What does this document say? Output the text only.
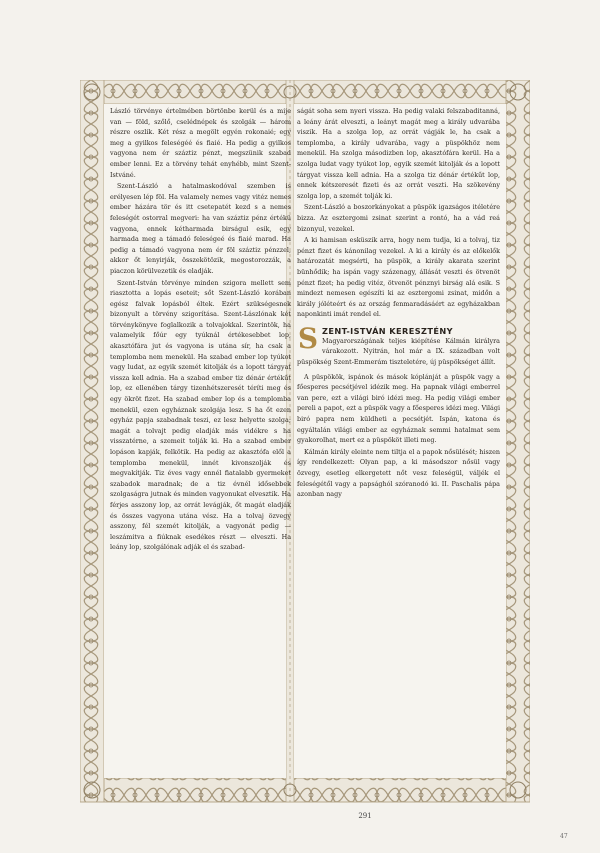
László törvénye értelmében börtönbe kerül és a mije van — föld, szőlő, cselédnépek és szolgák — három részre oszlik. Két rész a megölt egyén rokonaié; egy meg a gyilkos feleségéé és fiaié. Ha pedig a gyilkos vagyona nem ér száztiz pénzt, megszünik szabad ember lenni. Ez a törvény tehát enyhébb, mint Szent-Istváné.

Szent-László a hatalmaskodóval szemben is erélyesen lép föl. Ha valamely nemes vagy vitéz nemes ember házára tör és itt csetepatét kezd s a nemes feleségét ostorral megveri: ha van száztiz pénz értékü vagyona, ennek kétharmada birságul esik, egy harmada meg a támadó feleségeé és fiaié marad. Ha pedig a támadó vagyona nem ér föl száztiz pénzzel, akkor őt lenyirják, összekötözik, megostorozzák, a piaczon körülvezetik és eladják.

Szent-István törvénye minden szigora mellett sem riasztotta a lopás eseteit; sőt Szent-László korában egész falvak lopásból éltek. Ezért szükségesnek bizonyult a törvény szigorítása. Szent-Lászlónak két törvénykönyve foglalkozik a tolvajokkal. Szerintök, ha valamelyik főúr egy tyúknál értékesebbet lop, akasztófára jut és vagyona is utána sír, ha csak a templomba nem menekül. Ha szabad ember lop tyúkot vagy ludat, az egyik szemét kitolják és a lopott tárgyat vissza kell adnia. Ha a szabad ember tiz dénár értékűt lop, ez ellenében tárgy tizenhétszeresét téríti meg és egy ökröt fizet. Ha szabad ember lop és a templomba menekül, ezen egyháznak szolgája lesz. S ha őt ezen egyház papja szabadnak teszi, ez lesz helyette szolga; magát a tolvajt pedig eladják más vidékre s ha visszatérne, a szemeit tolják ki. Ha a szabad ember lopáson kapják, felkötik. Ha pedig az akasztófa elől a templomba menekül, innét kivonszolják és megvakítják. Tiz éves vagy ennél fiatalabb gyermeket szabadok maradnak; de a tiz évnél idősebbek szolgaságra jutnak és minden vagyonukat elvesztik. Ha férjes asszony lop, az orrát levágják, őt magát eladják és összes vagyona utána vész. Ha a tolvaj özvegy asszony, fél szemét kitolják, a vagyonát pedig — leszámitva a fiúknak esedékes részt — elveszti. Ha leány lop, szolgálónak adják el és szabad-

ságát soha sem nyeri vissza. Ha pedig valaki felszabaditanná, a leány árát elveszti, a leányt magát meg a király udvarába viszik. Ha a szolga lop, az orrát vágják le, ha csak a templomba, a király udvarába, vagy a püspökhöz nem menekül. Ha szolga másodizben lop, akasztófára kerül. Ha a szolga ludat vagy tyúkot lop, egyik szemét kitolják és a lopott tárgyat vissza kell adnia. Ha a szolga tiz dénár értékűt lop, ennek kétszeresét fizeti és az orrát veszti. Ha szökevény szolga lop, a szemét tolják ki.

Szent-László a boszorkányokat a püspök igazságos itéletére bizza. Az esztergomi zsinat szerint a rontó, ha a vád reá bizonyul, vezekel.

A ki hamisan esküszik arra, hogy nem tudja, ki a tolvaj, tiz pénzt fizet és kánonilag vezekel. A ki a király és az előkelők határozatát megsérti, ha püspök, a király akarata szerint bünhődik; ha ispán vagy százenagy, állását veszti és ötvenöt pénzt fizet; ha pedig vitéz, ötvenöt pénznyi birság alá esik. S mindezt nemesen egészíti ki az esztergomi zsinat, midőn a király jóléteért és az ország fenmaradásáért az egyházakban naponkinti imát rendel el.

S ZENT-ISTVÁN KERESZTÉNY

Magyarországának teljes kiépítése Kálmán királyra várakozott. Nyitrán, hol már a IX. században volt püspökség Szent-Emmerám tiszteletére, új püspökséget állít.

A püspökök, ispánok és mások kóplánját a püspök vagy a főesperes pecsétjével idézik meg. Ha papnak világi emberrel van pere, ezt a világi biró idézi meg. Ha pedig világi ember pereli a papot, ezt a püspök vagy a főesperes idézi meg. Világi biró papra nem küldheti a pecsétjét. Ispán, katona és egyáltalán világi ember az egyháznak semmi hatalmat sem gyakorolhat, mert ez a püspököt illeti meg.

Kálmán király eleinte nem tiltja el a papok nősülését; hiszen így rendelkezett: Olyan pap, a ki másodszor nősül vagy özvegy, esetleg elkergetett nőt vesz feleségül, váljék el feleségétől vagy a papsághól szóranodó ki. II. Paschalis pápa azonban nagy

291
47
